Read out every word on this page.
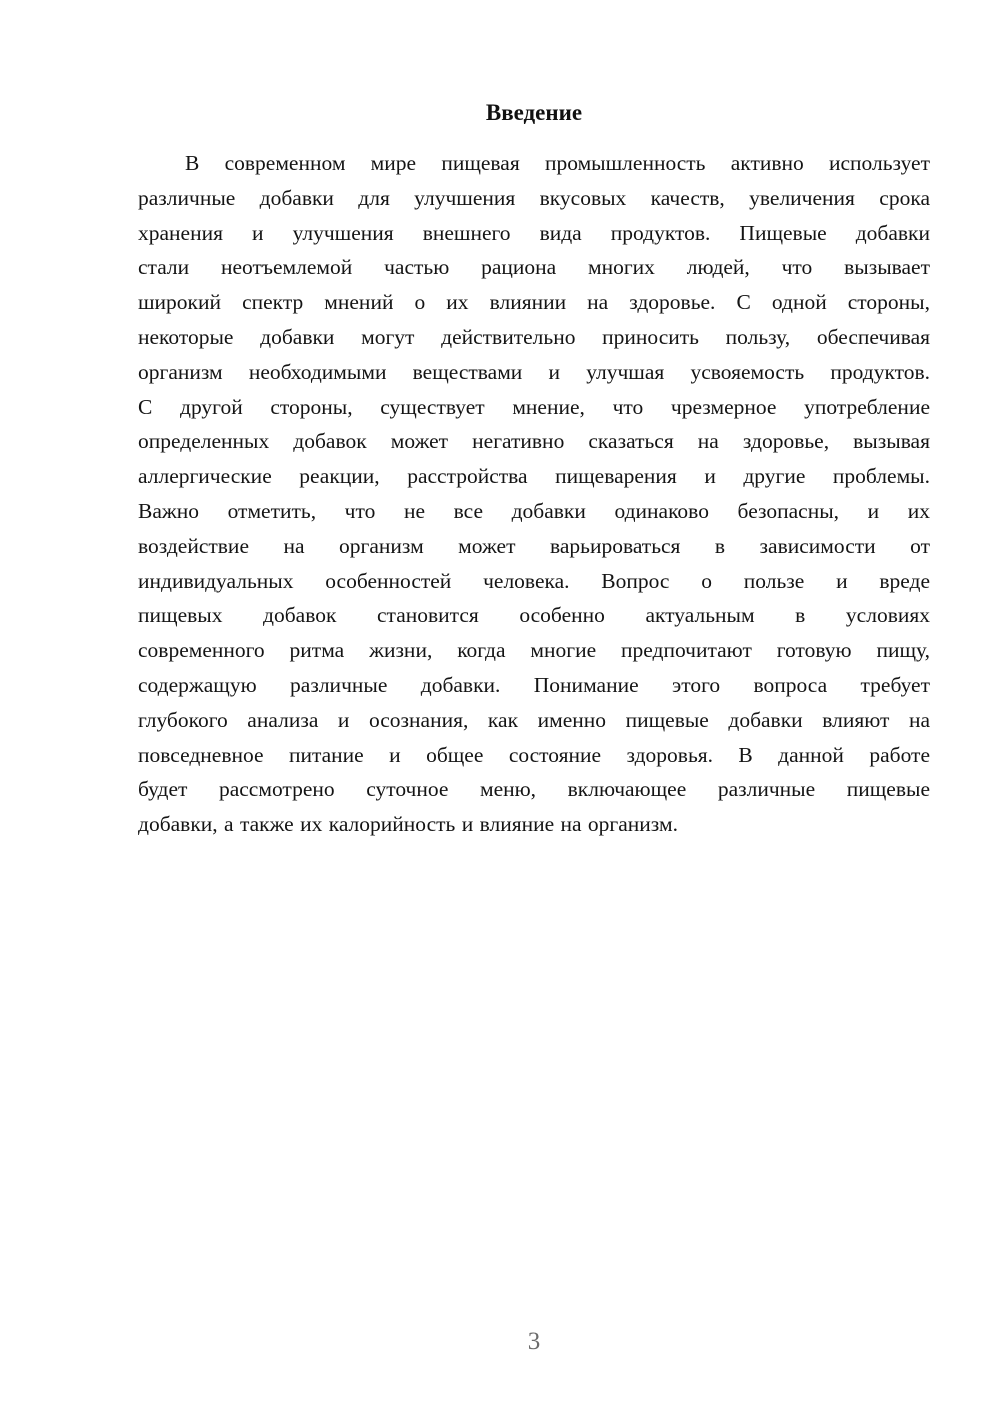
Введение
В современном мире пищевая промышленность активно использует
различные добавки для улучшения вкусовых качеств, увеличения срока
хранения и улучшения внешнего вида продуктов. Пищевые добавки
стали неотъемлемой частью рациона многих людей, что вызывает
широкий спектр мнений о их влиянии на здоровье. С одной стороны,
некоторые добавки могут действительно приносить пользу, обеспечивая
организм необходимыми веществами и улучшая усвояемость продуктов.
С другой стороны, существует мнение, что чрезмерное употребление
определенных добавок может негативно сказаться на здоровье, вызывая
аллергические реакции, расстройства пищеварения и другие проблемы.
Важно отметить, что не все добавки одинаково безопасны, и их
воздействие на организм может варьироваться в зависимости от
индивидуальных особенностей человека. Вопрос о пользе и вреде
пищевых добавок становится особенно актуальным в условиях
современного ритма жизни, когда многие предпочитают готовую пищу,
содержащую различные добавки. Понимание этого вопроса требует
глубокого анализа и осознания, как именно пищевые добавки влияют на
повседневное питание и общее состояние здоровья. В данной работе
будет рассмотрено суточное меню, включающее различные пищевые
добавки, а также их калорийность и влияние на организм.
3
